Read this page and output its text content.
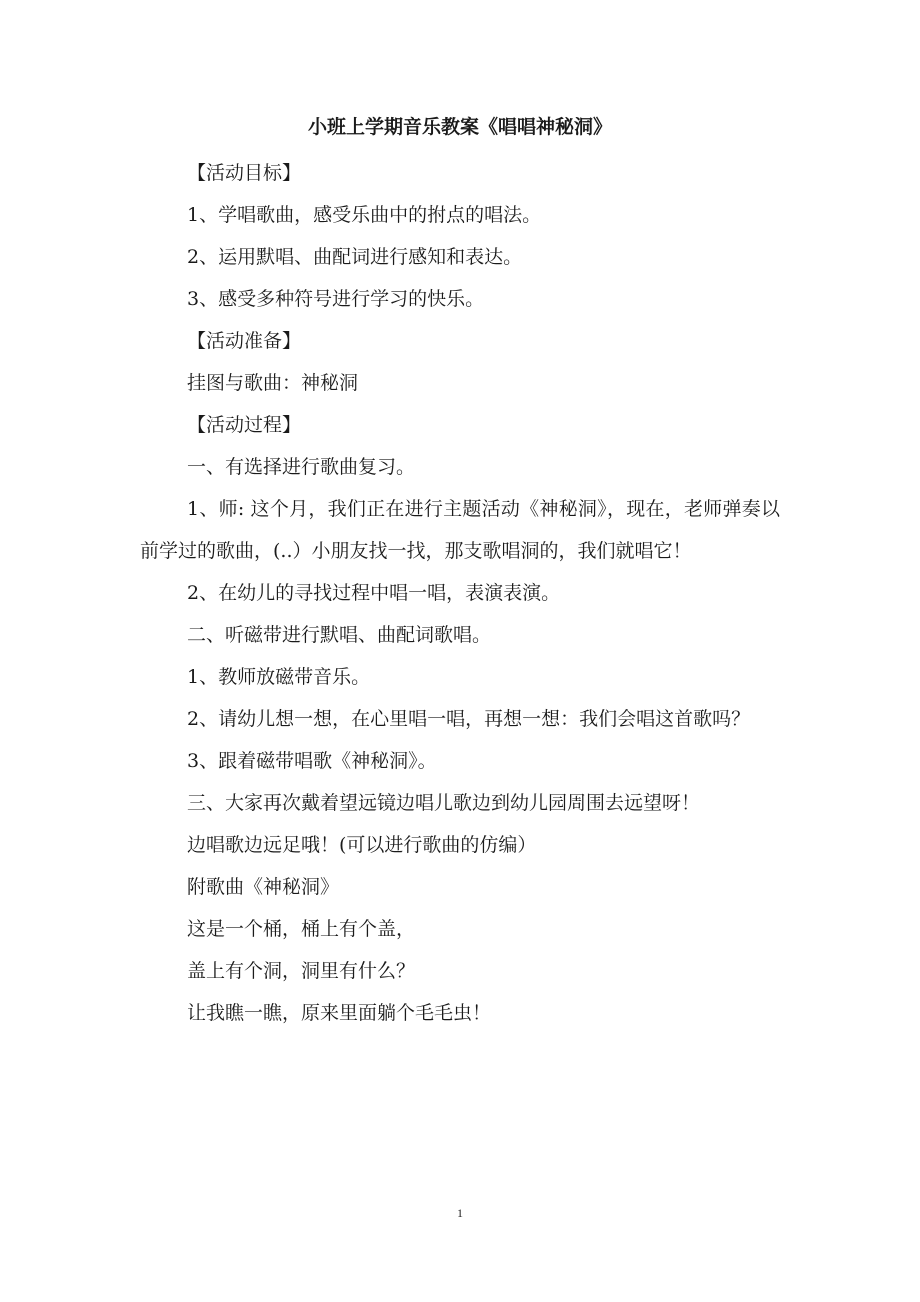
小班上学期音乐教案《唱唱神秘洞》

【活动目标】

1、学唱歌曲，感受乐曲中的拊点的唱法。

2、运用默唱、曲配词进行感知和表达。

3、感受多种符号进行学习的快乐。

【活动准备】

挂图与歌曲：神秘洞

【活动过程】

一、有选择进行歌曲复习。

1、师: 这个月，我们正在进行主题活动《神秘洞》，现在，老师弹奏以前学过的歌曲，(..）小朋友找一找，那支歌唱洞的，我们就唱它！

2、在幼儿的寻找过程中唱一唱，表演表演。

二、听磁带进行默唱、曲配词歌唱。

1、教师放磁带音乐。

2、请幼儿想一想，在心里唱一唱，再想一想：我们会唱这首歌吗？

3、跟着磁带唱歌《神秘洞》。

三、大家再次戴着望远镜边唱儿歌边到幼儿园周围去远望呀！

边唱歌边远足哦！(可以进行歌曲的仿编）

附歌曲《神秘洞》

这是一个桶，桶上有个盖，

盖上有个洞，洞里有什么？

让我瞧一瞧，原来里面躺个毛毛虫！

1
